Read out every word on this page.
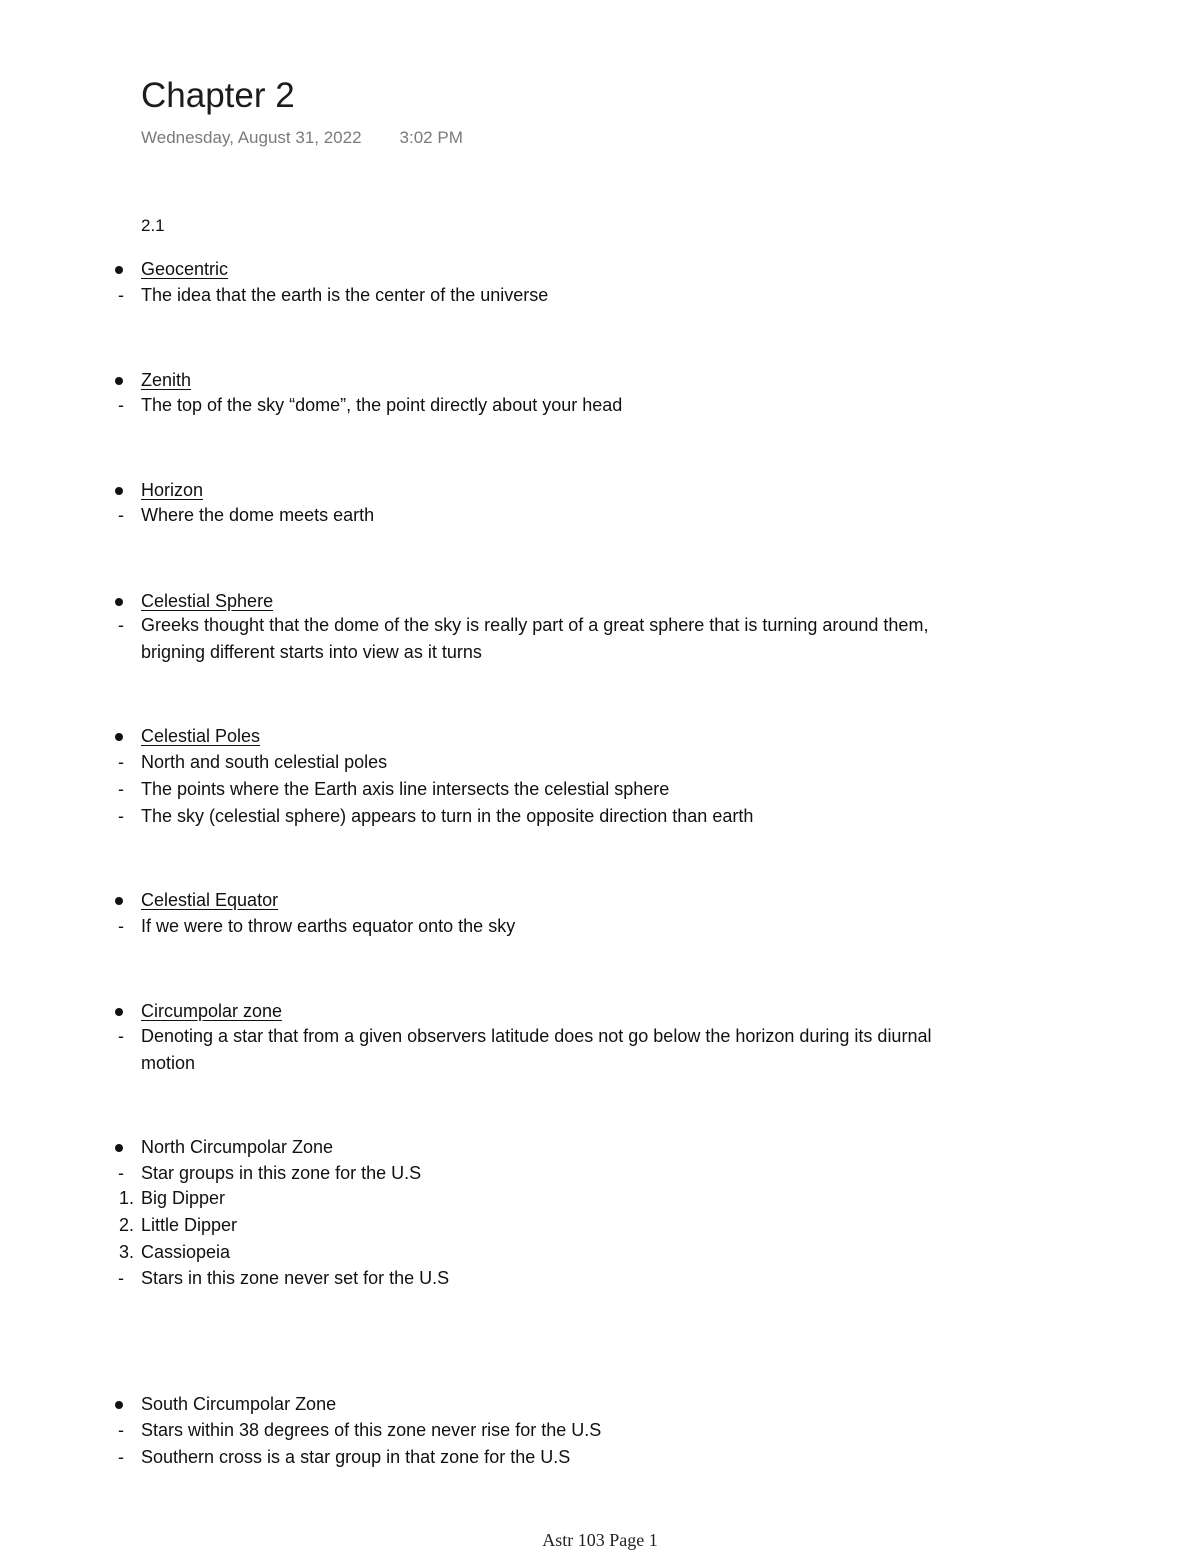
Chapter 2
Wednesday, August 31, 2022 3:02 PM
2.1
Geocentric
- The idea that the earth is the center of the universe
Zenith
- The top of the sky “dome”, the point directly about your head
Horizon
- Where the dome meets earth
Celestial Sphere
- Greeks thought that the dome of the sky is really part of a great sphere that is turning around them,
brigning different starts into view as it turns
Celestial Poles
- North and south celestial poles
- The points where the Earth axis line intersects the celestial sphere
- The sky (celestial sphere) appears to turn in the opposite direction than earth
Celestial Equator
- If we were to throw earths equator onto the sky
Circumpolar zone
- Denoting a star that from a given observers latitude does not go below the horizon during its diurnal
motion
North Circumpolar Zone
- Star groups in this zone for the U.S
1. Big Dipper
2. Little Dipper
3. Cassiopeia
- Stars in this zone never set for the U.S
South Circumpolar Zone
- Stars within 38 degrees of this zone never rise for the U.S
- Southern cross is a star group in that zone for the U.S
Astr 103 Page 1
